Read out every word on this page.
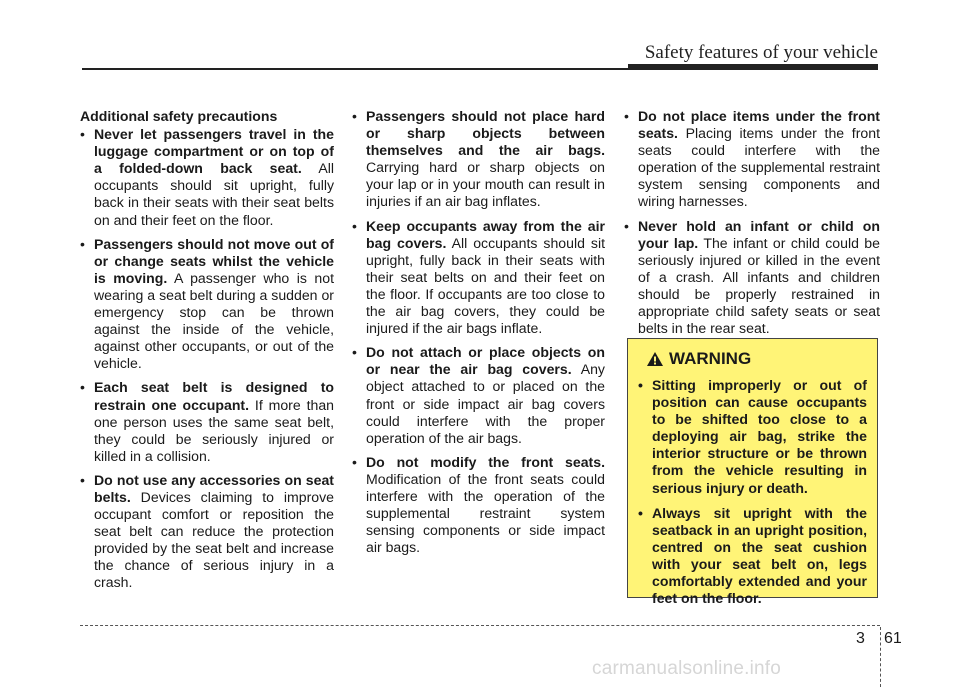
Safety features of your vehicle
Additional safety precautions
• Never let passengers travel in the luggage compartment or on top of a folded-down back seat. All occupants should sit upright, fully back in their seats with their seat belts on and their feet on the floor.
• Passengers should not move out of or change seats whilst the vehicle is moving. A passenger who is not wearing a seat belt during a sudden or emergency stop can be thrown against the inside of the vehicle, against other occupants, or out of the vehicle.
• Each seat belt is designed to restrain one occupant. If more than one person uses the same seat belt, they could be seriously injured or killed in a collision.
• Do not use any accessories on seat belts. Devices claiming to improve occupant comfort or reposition the seat belt can reduce the protection provided by the seat belt and increase the chance of serious injury in a crash.
• Passengers should not place hard or sharp objects between themselves and the air bags. Carrying hard or sharp objects on your lap or in your mouth can result in injuries if an air bag inflates.
• Keep occupants away from the air bag covers. All occupants should sit upright, fully back in their seats with their seat belts on and their feet on the floor. If occupants are too close to the air bag covers, they could be injured if the air bags inflate.
• Do not attach or place objects on or near the air bag covers. Any object attached to or placed on the front or side impact air bag covers could interfere with the proper operation of the air bags.
• Do not modify the front seats. Modification of the front seats could interfere with the operation of the supplemental restraint system sensing components or side impact air bags.
• Do not place items under the front seats. Placing items under the front seats could interfere with the operation of the supplemental restraint system sensing components and wiring harnesses.
• Never hold an infant or child on your lap. The infant or child could be seriously injured or killed in the event of a crash. All infants and children should be properly restrained in appropriate child safety seats or seat belts in the rear seat.
WARNING
• Sitting improperly or out of position can cause occupants to be shifted too close to a deploying air bag, strike the interior structure or be thrown from the vehicle resulting in serious injury or death.
• Always sit upright with the seatback in an upright position, centred on the seat cushion with your seat belt on, legs comfortably extended and your feet on the floor.
3 61
carmanualsonline.info
